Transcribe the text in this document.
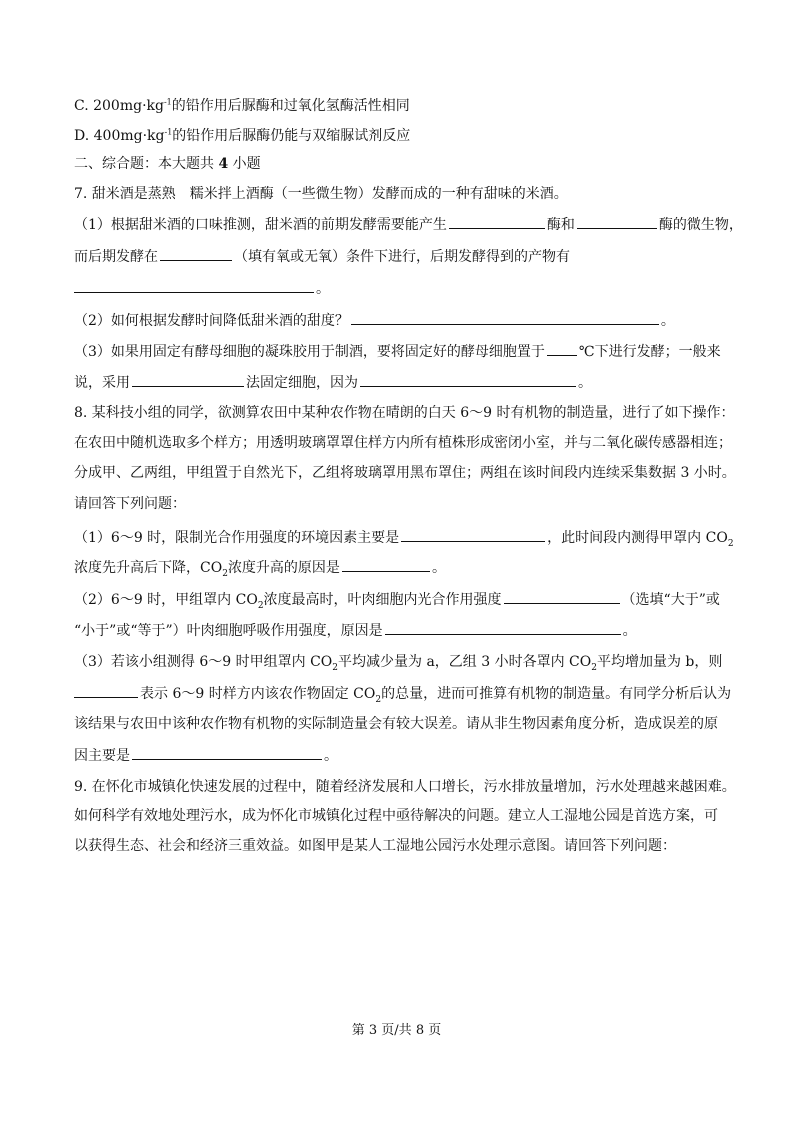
C. $200mg\cdot kg^{-1}$的铅作用后脲酶和过氧化氢酶活性相同
D. $400mg\cdot kg^{-1}$的铅作用后脲酶仍能与双缩脲试剂反应
二、综合题：本大题共 4 小题
7. 甜米酒是蒸熟　糯米拌上酒酶（一些微生物）发酵而成的一种有甜味的米酒。
（1）根据甜米酒的口味推测，甜米酒的前期发酵需要能产生	酶和	酶的微生物，
而后期发酵在	（填有氧或无氧）条件下进行，后期发酵得到的产物有
。
（2）如何根据发酵时间降低甜米酒的甜度？	。
（3）如果用固定有酵母细胞的凝珠胶用于制酒，要将固定好的酵母细胞置于 ℃下进行发酵；一般来
说，采用	法固定细胞，因为	。
8. 某科技小组的同学，欲测算农田中某种农作物在晴朗的白天 6～9 时有机物的制造量，进行了如下操作：
在农田中随机选取多个样方；用透明玻璃罩罩住样方内所有植株形成密闭小室，并与二氧化碳传感器相连；
分成甲、乙两组，甲组置于自然光下，乙组将玻璃罩用黑布罩住；两组在该时间段内连续采集数据 3 小时。
请回答下列问题：
（1）6～9 时，限制光合作用强度的环境因素主要是	，此时间段内测得甲罩内 $CO_2$
浓度先升高后下降，$CO_2$浓度升高的原因是	。
（2）6～9 时，甲组罩内 $CO_2$浓度最高时，叶肉细胞内光合作用强度	（选填“大于”或
“小于”或“等于”）叶肉细胞呼吸作用强度，原因是	。
（3）若该小组测得 6～9 时甲组罩内 $CO_2$平均减少量为 a，乙组 3 小时各罩内 $CO_2$平均增加量为 b，则
表示 6～9 时样方内该农作物固定 $CO_2$的总量，进而可推算有机物的制造量。有同学分析后认为
该结果与农田中该种农作物有机物的实际制造量会有较大误差。请从非生物因素角度分析，造成误差的原
因主要是	。
9. 在怀化市城镇化快速发展的过程中，随着经济发展和人口增长，污水排放量增加，污水处理越来越困难。
如何科学有效地处理污水，成为怀化市城镇化过程中亟待解决的问题。建立人工湿地公园是首选方案，可
以获得生态、社会和经济三重效益。如图甲是某人工湿地公园污水处理示意图。请回答下列问题：
第 3 页/共 8 页
